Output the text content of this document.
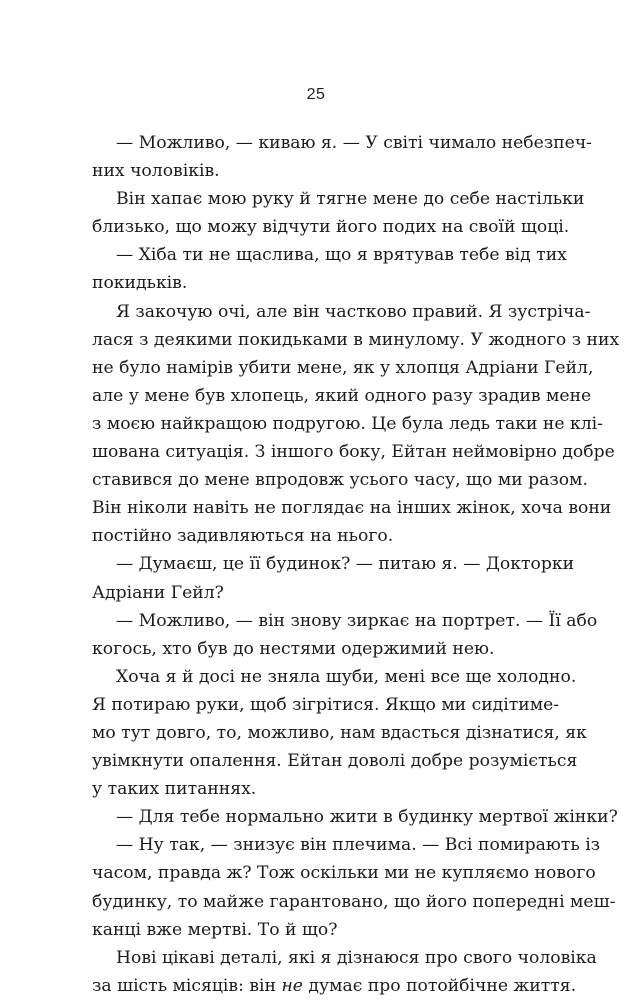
25
— Можливо, — киваю я. — У світі чимало небезпеч-
них чоловіків.
Він хапає мою руку й тягне мене до себе настільки
близько, що можу відчути його подих на своїй щоці.
— Хіба ти не щаслива, що я врятував тебе від тих
покидьків.
Я закочую очі, але він частково правий. Я зустріча-
лася з деякими покидьками в минулому. У жодного з них
не було намірів убити мене, як у хлопця Адріани Гейл,
але у мене був хлопець, який одного разу зрадив мене
з моєю найкращою подругою. Це була ледь таки не клі-
шована ситуація. З іншого боку, Ейтан неймовірно добре
ставився до мене впродовж усього часу, що ми разом.
Він ніколи навіть не поглядає на інших жінок, хоча вони
постійно задивляються на нього.
— Думаєш, це її будинок? — питаю я. — Докторки
Адріани Гейл?
— Можливо, — він знову зиркає на портрет. — Її або
когось, хто був до нестями одержимий нею.
Хоча я й досі не зняла шуби, мені все ще холодно.
Я потираю руки, щоб зігрітися. Якщо ми сидітиме-
мо тут довго, то, можливо, нам вдасться дізнатися, як
увімкнути опалення. Ейтан доволі добре розуміється
у таких питаннях.
— Для тебе нормально жити в будинку мертвої жінки?
— Ну так, — знизує він плечима. — Всі помирають із
часом, правда ж? Тож оскільки ми не купляємо нового
будинку, то майже гарантовано, що його попередні меш-
канці вже мертві. То й що?
Нові цікаві деталі, які я дізнаюся про свого чоловіка
за шість місяців: він не думає про потойбічне життя.
